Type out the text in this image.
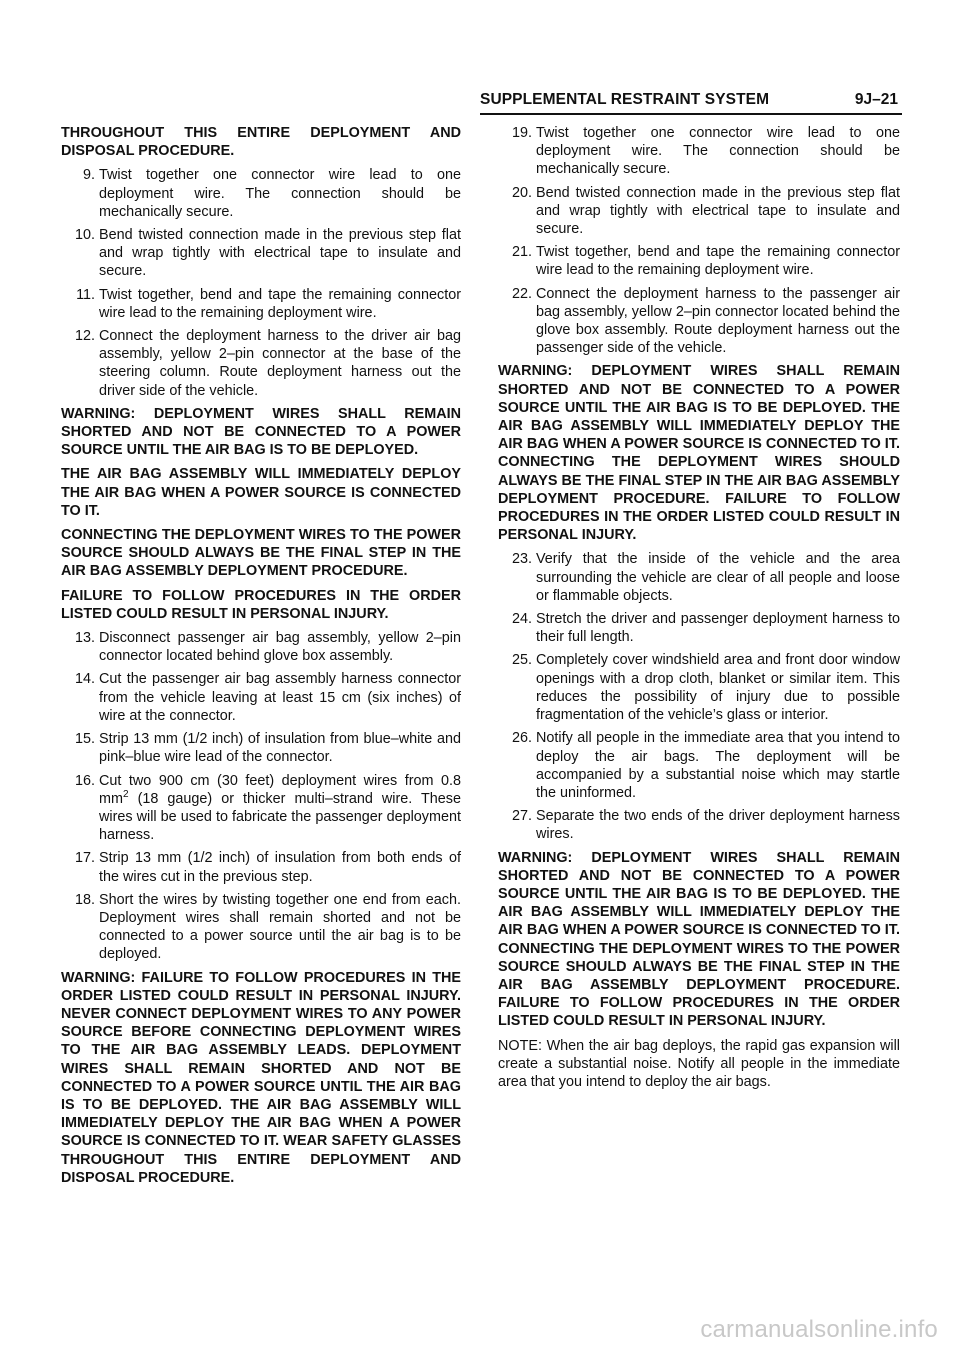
SUPPLEMENTAL RESTRAINT SYSTEM	9J–21

THROUGHOUT THIS ENTIRE DEPLOYMENT AND DISPOSAL PROCEDURE.

9. Twist together one connector wire lead to one deployment wire. The connection should be mechanically secure.
10. Bend twisted connection made in the previous step flat and wrap tightly with electrical tape to insulate and secure.
11. Twist together, bend and tape the remaining connector wire lead to the remaining deployment wire.
12. Connect the deployment harness to the driver air bag assembly, yellow 2–pin connector at the base of the steering column. Route deployment harness out the driver side of the vehicle.

WARNING: DEPLOYMENT WIRES SHALL REMAIN SHORTED AND NOT BE CONNECTED TO A POWER SOURCE UNTIL THE AIR BAG IS TO BE DEPLOYED.

THE AIR BAG ASSEMBLY WILL IMMEDIATELY DEPLOY THE AIR BAG WHEN A POWER SOURCE IS CONNECTED TO IT.

CONNECTING THE DEPLOYMENT WIRES TO THE POWER SOURCE SHOULD ALWAYS BE THE FINAL STEP IN THE AIR BAG ASSEMBLY DEPLOYMENT PROCEDURE.

FAILURE TO FOLLOW PROCEDURES IN THE ORDER LISTED COULD RESULT IN PERSONAL INJURY.

13. Disconnect passenger air bag assembly, yellow 2–pin connector located behind glove box assembly.
14. Cut the passenger air bag assembly harness connector from the vehicle leaving at least 15 cm (six inches) of wire at the connector.
15. Strip 13 mm (1/2 inch) of insulation from blue–white and pink–blue wire lead of the connector.
16. Cut two 900 cm (30 feet) deployment wires from 0.8 $mm^2$ (18 gauge) or thicker multi–strand wire. These wires will be used to fabricate the passenger deployment harness.
17. Strip 13 mm (1/2 inch) of insulation from both ends of the wires cut in the previous step.
18. Short the wires by twisting together one end from each. Deployment wires shall remain shorted and not be connected to a power source until the air bag is to be deployed.

WARNING: FAILURE TO FOLLOW PROCEDURES IN THE ORDER LISTED COULD RESULT IN PERSONAL INJURY. NEVER CONNECT DEPLOYMENT WIRES TO ANY POWER SOURCE BEFORE CONNECTING DEPLOYMENT WIRES TO THE AIR BAG ASSEMBLY LEADS. DEPLOYMENT WIRES SHALL REMAIN SHORTED AND NOT BE CONNECTED TO A POWER SOURCE UNTIL THE AIR BAG IS TO BE DEPLOYED. THE AIR BAG ASSEMBLY WILL IMMEDIATELY DEPLOY THE AIR BAG WHEN A POWER SOURCE IS CONNECTED TO IT. WEAR SAFETY GLASSES THROUGHOUT THIS ENTIRE DEPLOYMENT AND DISPOSAL PROCEDURE.

19. Twist together one connector wire lead to one deployment wire. The connection should be mechanically secure.
20. Bend twisted connection made in the previous step flat and wrap tightly with electrical tape to insulate and secure.
21. Twist together, bend and tape the remaining connector wire lead to the remaining deployment wire.
22. Connect the deployment harness to the passenger air bag assembly, yellow 2–pin connector located behind the glove box assembly. Route deployment harness out the passenger side of the vehicle.

WARNING: DEPLOYMENT WIRES SHALL REMAIN SHORTED AND NOT BE CONNECTED TO A POWER SOURCE UNTIL THE AIR BAG IS TO BE DEPLOYED. THE AIR BAG ASSEMBLY WILL IMMEDIATELY DEPLOY THE AIR BAG WHEN A POWER SOURCE IS CONNECTED TO IT. CONNECTING THE DEPLOYMENT WIRES SHOULD ALWAYS BE THE FINAL STEP IN THE AIR BAG ASSEMBLY DEPLOYMENT PROCEDURE. FAILURE TO FOLLOW PROCEDURES IN THE ORDER LISTED COULD RESULT IN PERSONAL INJURY.

23. Verify that the inside of the vehicle and the area surrounding the vehicle are clear of all people and loose or flammable objects.
24. Stretch the driver and passenger deployment harness to their full length.
25. Completely cover windshield area and front door window openings with a drop cloth, blanket or similar item. This reduces the possibility of injury due to possible fragmentation of the vehicle’s glass or interior.
26. Notify all people in the immediate area that you intend to deploy the air bags. The deployment will be accompanied by a substantial noise which may startle the uninformed.
27. Separate the two ends of the driver deployment harness wires.

WARNING: DEPLOYMENT WIRES SHALL REMAIN SHORTED AND NOT BE CONNECTED TO A POWER SOURCE UNTIL THE AIR BAG IS TO BE DEPLOYED. THE AIR BAG ASSEMBLY WILL IMMEDIATELY DEPLOY THE AIR BAG WHEN A POWER SOURCE IS CONNECTED TO IT. CONNECTING THE DEPLOYMENT WIRES TO THE POWER SOURCE SHOULD ALWAYS BE THE FINAL STEP IN THE AIR BAG ASSEMBLY DEPLOYMENT PROCEDURE. FAILURE TO FOLLOW PROCEDURES IN THE ORDER LISTED COULD RESULT IN PERSONAL INJURY.

NOTE: When the air bag deploys, the rapid gas expansion will create a substantial noise. Notify all people in the immediate area that you intend to deploy the air bags.

carmanualsonline.info
